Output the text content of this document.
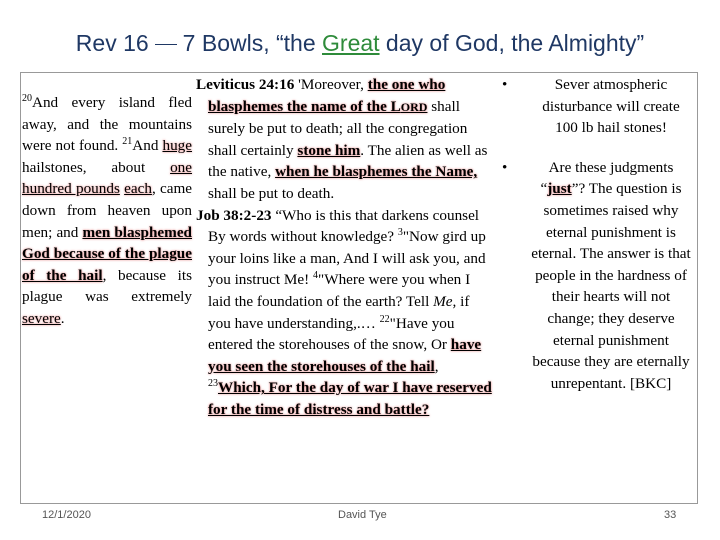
Rev 16 7 Bowls, “the Great day of God, the Almighty”
$^{20}$And every island fled away, and the mountains were not found. $^{21}$And huge hailstones, about one hundred pounds each, came down from heaven upon men; and men blasphemed God because of the plague of the hail, because its plague was extremely severe.
Leviticus 24:16 'Moreover, the one who blasphemes the name of the LORD shall surely be put to death; all the congregation shall certainly stone him. The alien as well as the native, when he blasphemes the Name, shall be put to death.
Job 38:2-23 “Who is this that darkens counsel By words without knowledge? $^3$"Now gird up your loins like a man, And I will ask you, and you instruct Me! $^4$"Where were you when I laid the foundation of the earth? Tell Me, if you have understanding,.… $^{22}$"Have you entered the storehouses of the snow, Or have you seen the storehouses of the hail, $^{23}$Which, For the day of war I have reserved for the time of distress and battle?
•	Sever atmospheric disturbance will create 100 lb hail stones!
•	Are these judgments “just”? The question is sometimes raised why eternal punishment is eternal. The answer is that people in the hardness of their hearts will not change; they deserve eternal punishment because they are eternally unrepentant. [BKC]
12/1/2020	David Tye	33
